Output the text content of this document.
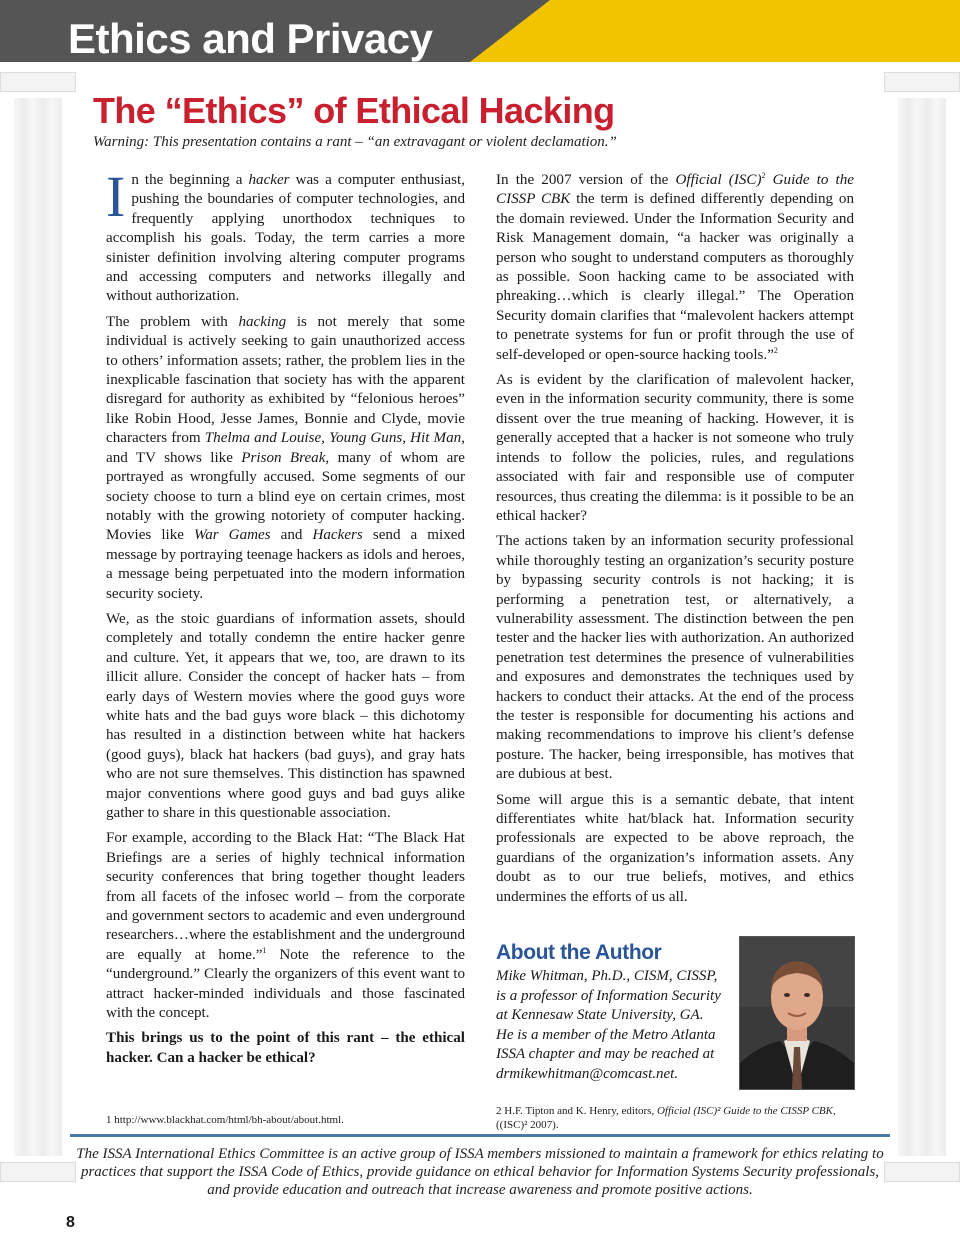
Ethics and Privacy
The “Ethics” of Ethical Hacking
Warning: This presentation contains a rant – “an extravagant or violent declamation.”

In the beginning a hacker was a computer enthusiast, pushing the boundaries of computer technologies, and frequently applying unorthodox techniques to accomplish his goals. Today, the term carries a more sinister definition involving altering computer programs and accessing computers and networks illegally and without authorization.

The problem with hacking is not merely that some individual is actively seeking to gain unauthorized access to others’ information assets; rather, the problem lies in the inexplicable fascination that society has with the apparent disregard for authority as exhibited by “felonious heroes” like Robin Hood, Jesse James, Bonnie and Clyde, movie characters from Thelma and Louise, Young Guns, Hit Man, and TV shows like Prison Break, many of whom are portrayed as wrongfully accused. Some segments of our society choose to turn a blind eye on certain crimes, most notably with the growing notoriety of computer hacking. Movies like War Games and Hackers send a mixed message by portraying teenage hackers as idols and heroes, a message being perpetuated into the modern information security society.

We, as the stoic guardians of information assets, should completely and totally condemn the entire hacker genre and culture. Yet, it appears that we, too, are drawn to its illicit allure. Consider the concept of hacker hats – from early days of Western movies where the good guys wore white hats and the bad guys wore black – this dichotomy has resulted in a distinction between white hat hackers (good guys), black hat hackers (bad guys), and gray hats who are not sure themselves. This distinction has spawned major conventions where good guys and bad guys alike gather to share in this questionable association.

For example, according to the Black Hat: “The Black Hat Briefings are a series of highly technical information security conferences that bring together thought leaders from all facets of the infosec world – from the corporate and government sectors to academic and even underground researchers…where the establishment and the underground are equally at home.”$^1$ Note the reference to the “underground.” Clearly the organizers of this event want to attract hacker-minded individuals and those fascinated with the concept.

This brings us to the point of this rant – the ethical hacker. Can a hacker be ethical?

In the 2007 version of the Official (ISC)$^2$ Guide to the CISSP CBK the term is defined differently depending on the domain reviewed. Under the Information Security and Risk Management domain, “a hacker was originally a person who sought to understand computers as thoroughly as possible. Soon hacking came to be associated with phreaking…which is clearly illegal.” The Operation Security domain clarifies that “malevolent hackers attempt to penetrate systems for fun or profit through the use of self-developed or open-source hacking tools.”$^2$

As is evident by the clarification of malevolent hacker, even in the information security community, there is some dissent over the true meaning of hacking. However, it is generally accepted that a hacker is not someone who truly intends to follow the policies, rules, and regulations associated with fair and responsible use of computer resources, thus creating the dilemma: is it possible to be an ethical hacker?

The actions taken by an information security professional while thoroughly testing an organization’s security posture by bypassing security controls is not hacking; it is performing a penetration test, or alternatively, a vulnerability assessment. The distinction between the pen tester and the hacker lies with authorization. An authorized penetration test determines the presence of vulnerabilities and exposures and demonstrates the techniques used by hackers to conduct their attacks. At the end of the process the tester is responsible for documenting his actions and making recommendations to improve his client’s defense posture. The hacker, being irresponsible, has motives that are dubious at best.

Some will argue this is a semantic debate, that intent differentiates white hat/black hat. Information security professionals are expected to be above reproach, the guardians of the organization’s information assets. Any doubt as to our true beliefs, motives, and ethics undermines the efforts of us all.

About the Author
Mike Whitman, Ph.D., CISM, CISSP,
is a professor of Information Security
at Kennesaw State University, GA.
He is a member of the Metro Atlanta
ISSA chapter and may be reached at
drmikewhitman@comcast.net.
1 http://www.blackhat.com/html/bh-about/about.html.
2 H.F. Tipton and K. Henry, editors, Official (ISC)² Guide to the CISSP CBK, ((ISC)² 2007).
The ISSA International Ethics Committee is an active group of ISSA members missioned to maintain a framework for ethics relating to practices that support the ISSA Code of Ethics, provide guidance on ethical behavior for Information Systems Security professionals, and provide education and outreach that increase awareness and promote positive actions.
8
